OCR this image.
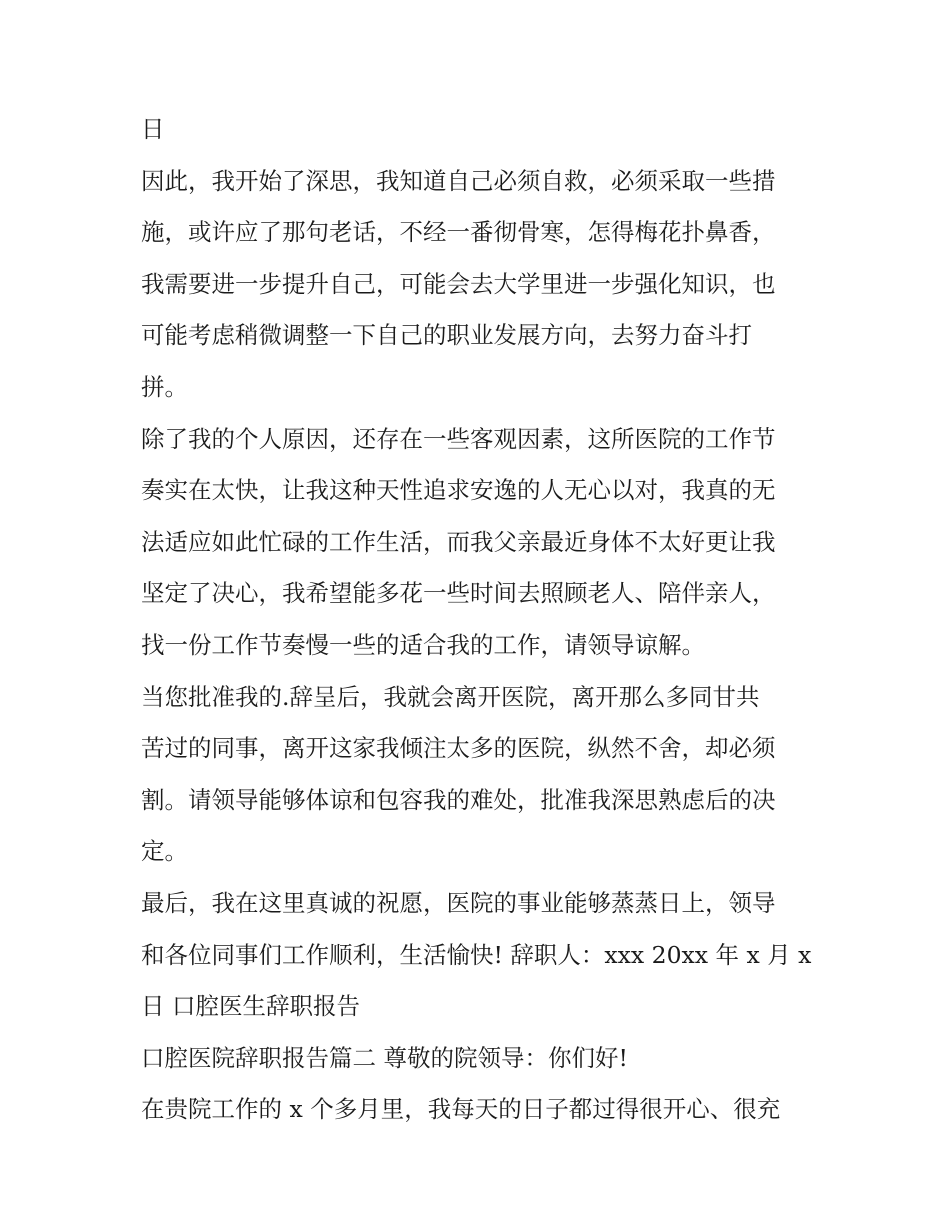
日
因此，我开始了深思，我知道自己必须自救，必须采取一些措
施，或许应了那句老话，不经一番彻骨寒，怎得梅花扑鼻香，
我需要进一步提升自己，可能会去大学里进一步强化知识，也
可能考虑稍微调整一下自己的职业发展方向，去努力奋斗打
拼。
除了我的个人原因，还存在一些客观因素，这所医院的工作节
奏实在太快，让我这种天性追求安逸的人无心以对，我真的无
法适应如此忙碌的工作生活，而我父亲最近身体不太好更让我
坚定了决心，我希望能多花一些时间去照顾老人、陪伴亲人，
找一份工作节奏慢一些的适合我的工作，请领导谅解。
当您批准我的.辞呈后，我就会离开医院，离开那么多同甘共
苦过的同事，离开这家我倾注太多的医院，纵然不舍，却必须
割。请领导能够体谅和包容我的难处，批准我深思熟虑后的决
定。
最后，我在这里真诚的祝愿，医院的事业能够蒸蒸日上，领导
和各位同事们工作顺利，生活愉快! 辞职人：xxx 20xx 年 x 月 x
日 口腔医生辞职报告
口腔医院辞职报告篇二 尊敬的院领导：你们好!
在贵院工作的 x 个多月里，我每天的日子都过得很开心、很充
